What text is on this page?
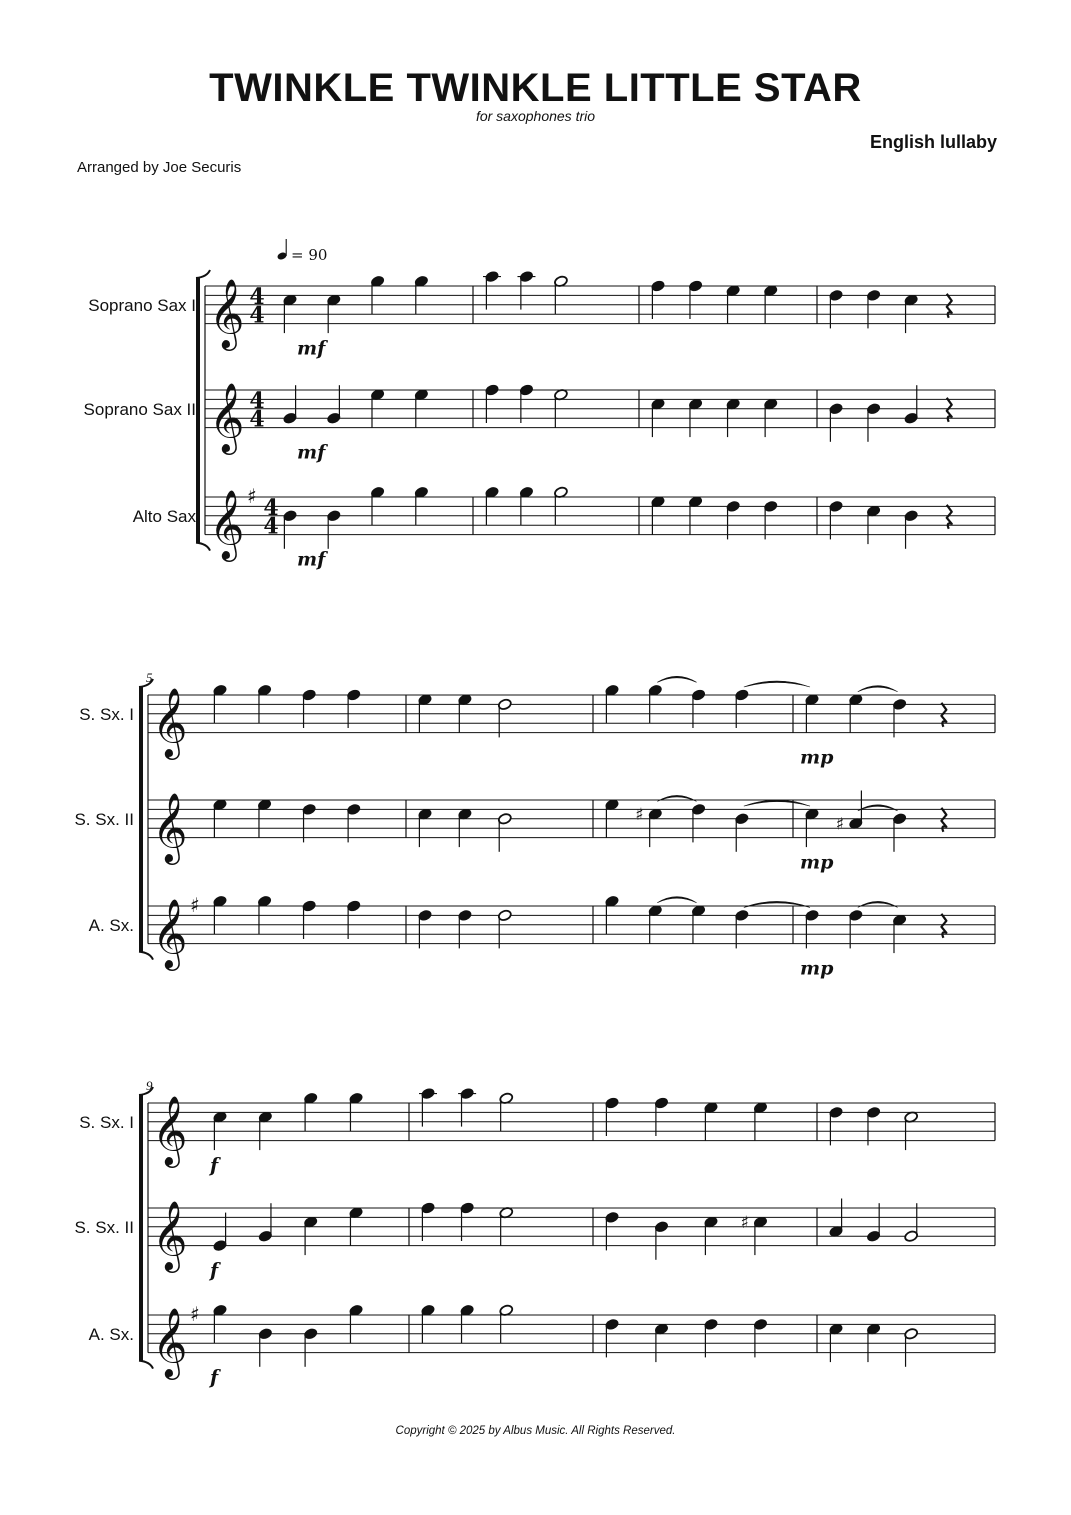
TWINKLE TWINKLE LITTLE STAR
for saxophones trio
English lullaby
Arranged by Joe Securis
= 90
Soprano Sax I 𝄞 4
4
mf
Soprano Sax II 𝄞 4
4
mf
Alto Sax 𝄞 ♯ 4
4
mf
5
S. Sx. I 𝄞	mp
S. Sx. II 𝄞	♯	♯
mp
A. Sx. 𝄞 ♯
mp
9
S. Sx. I 𝄞 f
S. Sx. II 𝄞	♯
f
A. Sx. 𝄞 ♯
f
Copyright © 2025 by Albus Music. All Rights Reserved.
